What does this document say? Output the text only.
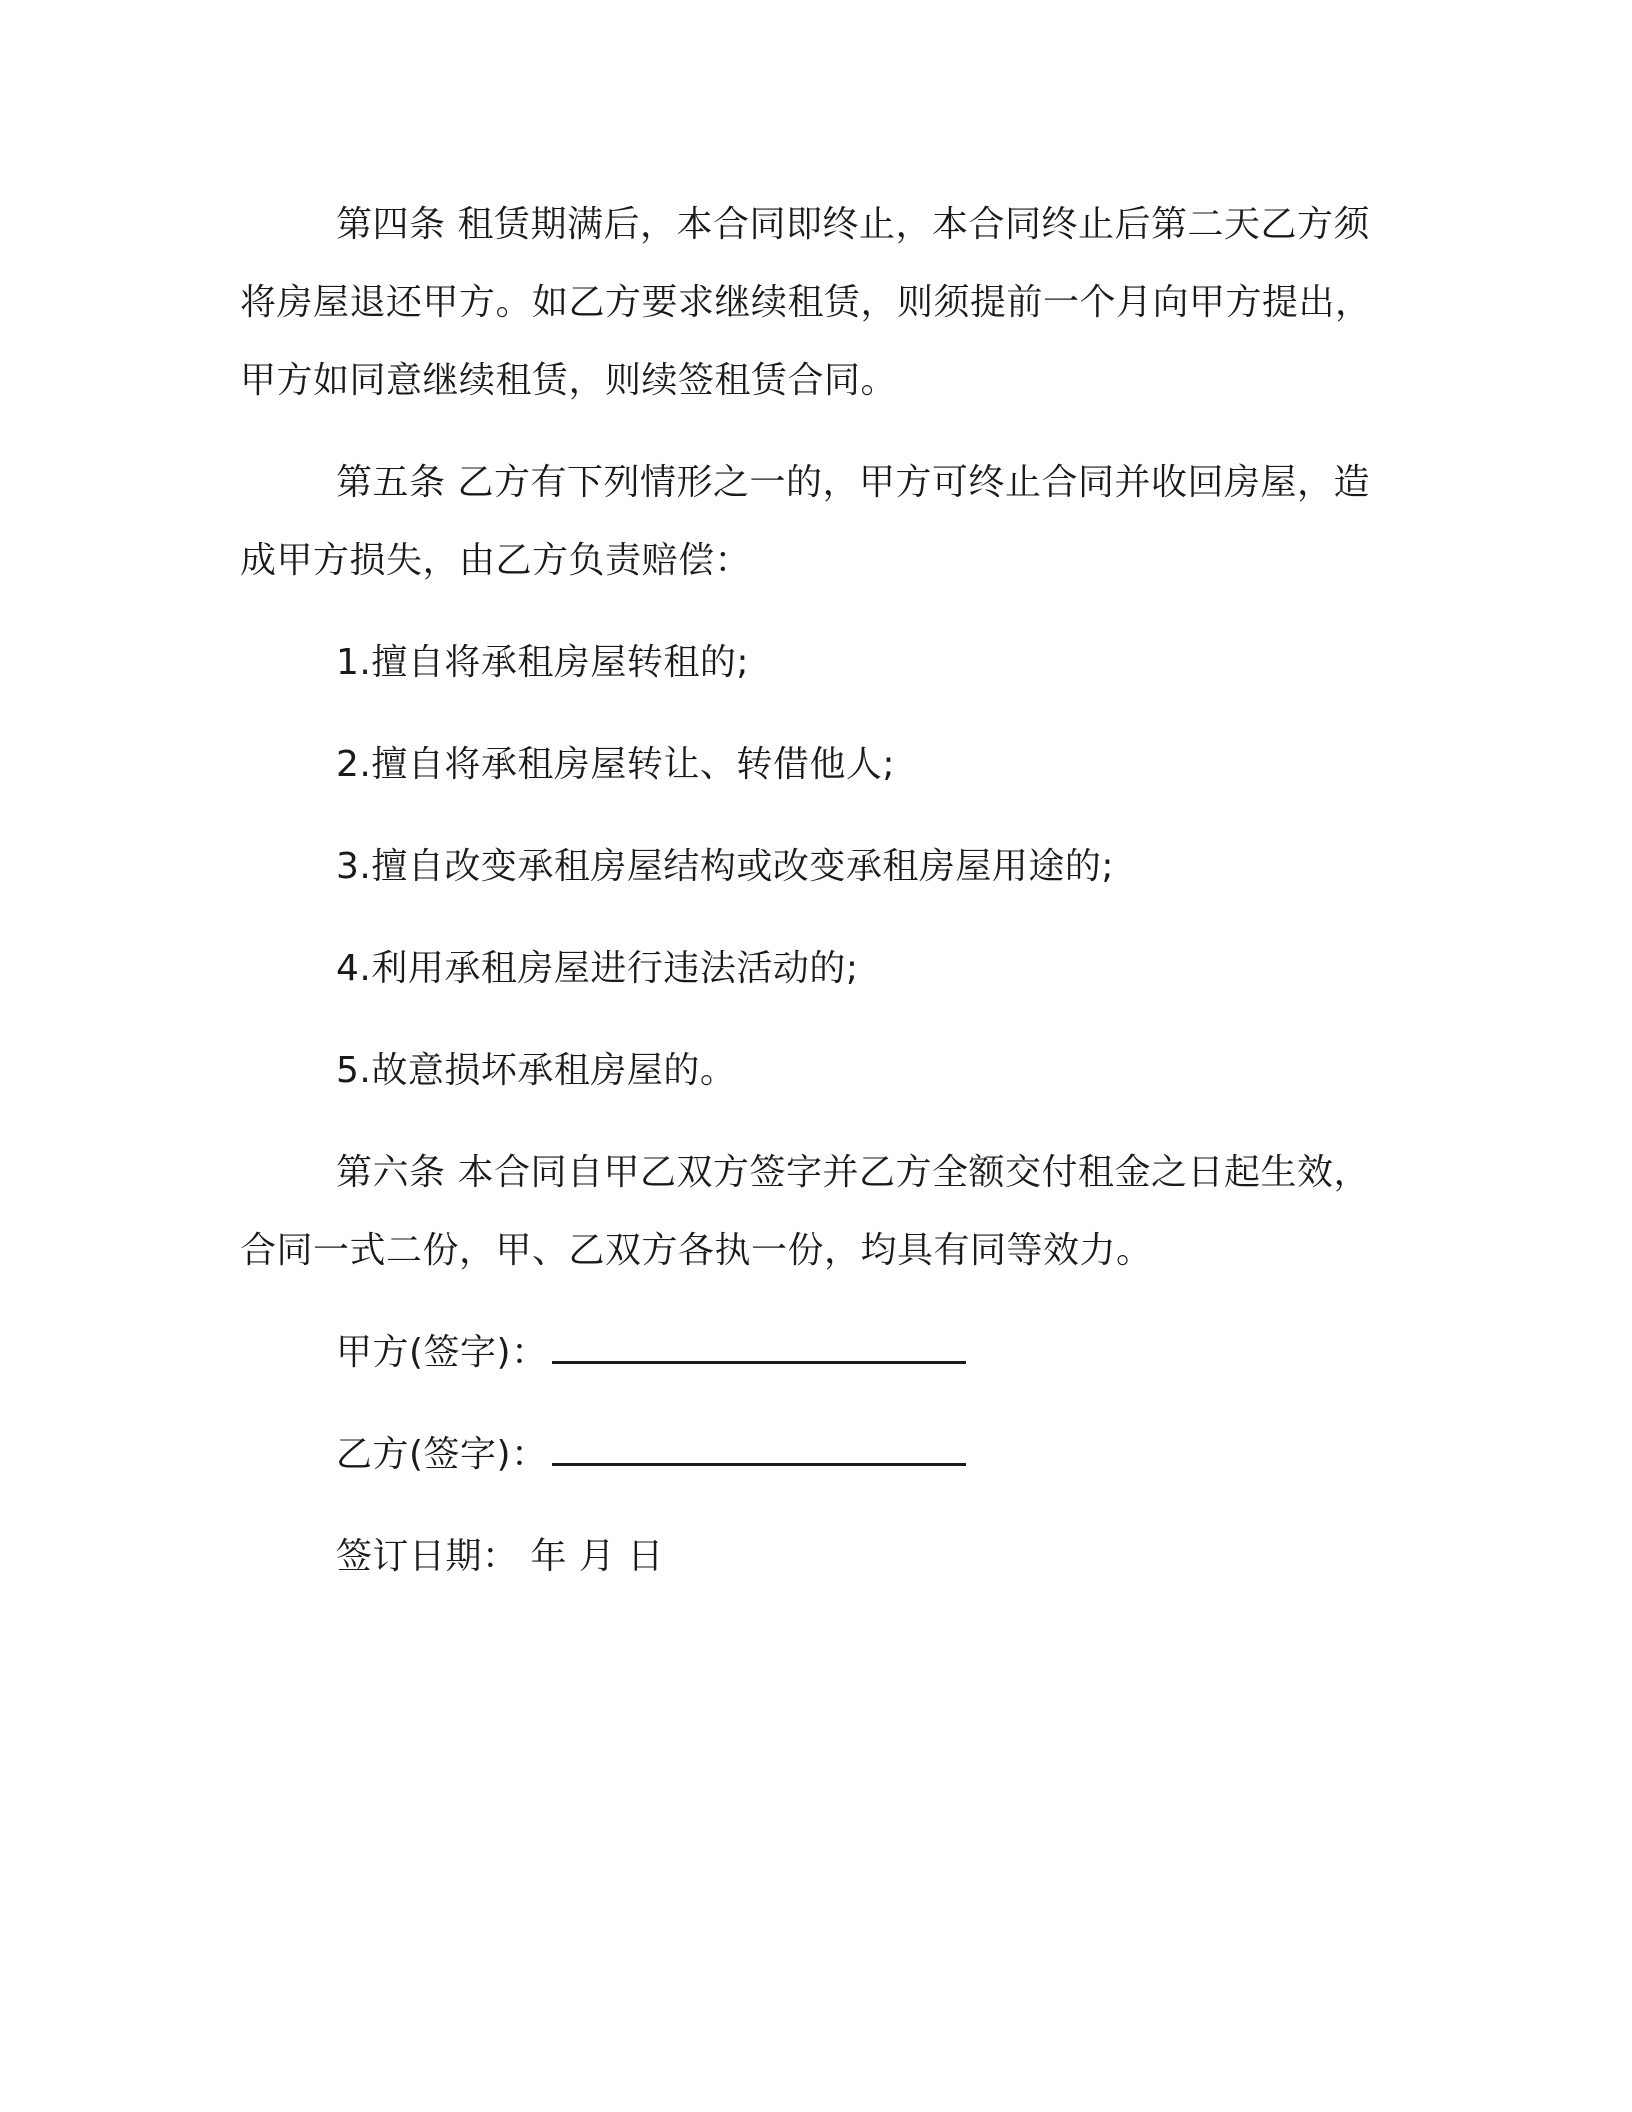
第四条 租赁期满后，本合同即终止，本合同终止后第二天乙方须将房屋退还甲方。如乙方要求继续租赁，则须提前一个月向甲方提出，甲方如同意继续租赁，则续签租赁合同。

第五条 乙方有下列情形之一的，甲方可终止合同并收回房屋，造成甲方损失，由乙方负责赔偿：

1.擅自将承租房屋转租的;

2.擅自将承租房屋转让、转借他人;

3.擅自改变承租房屋结构或改变承租房屋用途的;

4.利用承租房屋进行违法活动的;

5.故意损坏承租房屋的。

第六条 本合同自甲乙双方签字并乙方全额交付租金之日起生效，合同一式二份，甲、乙双方各执一份，均具有同等效力。

甲方(签字)：
乙方(签字)：
签订日期： 年 月 日
